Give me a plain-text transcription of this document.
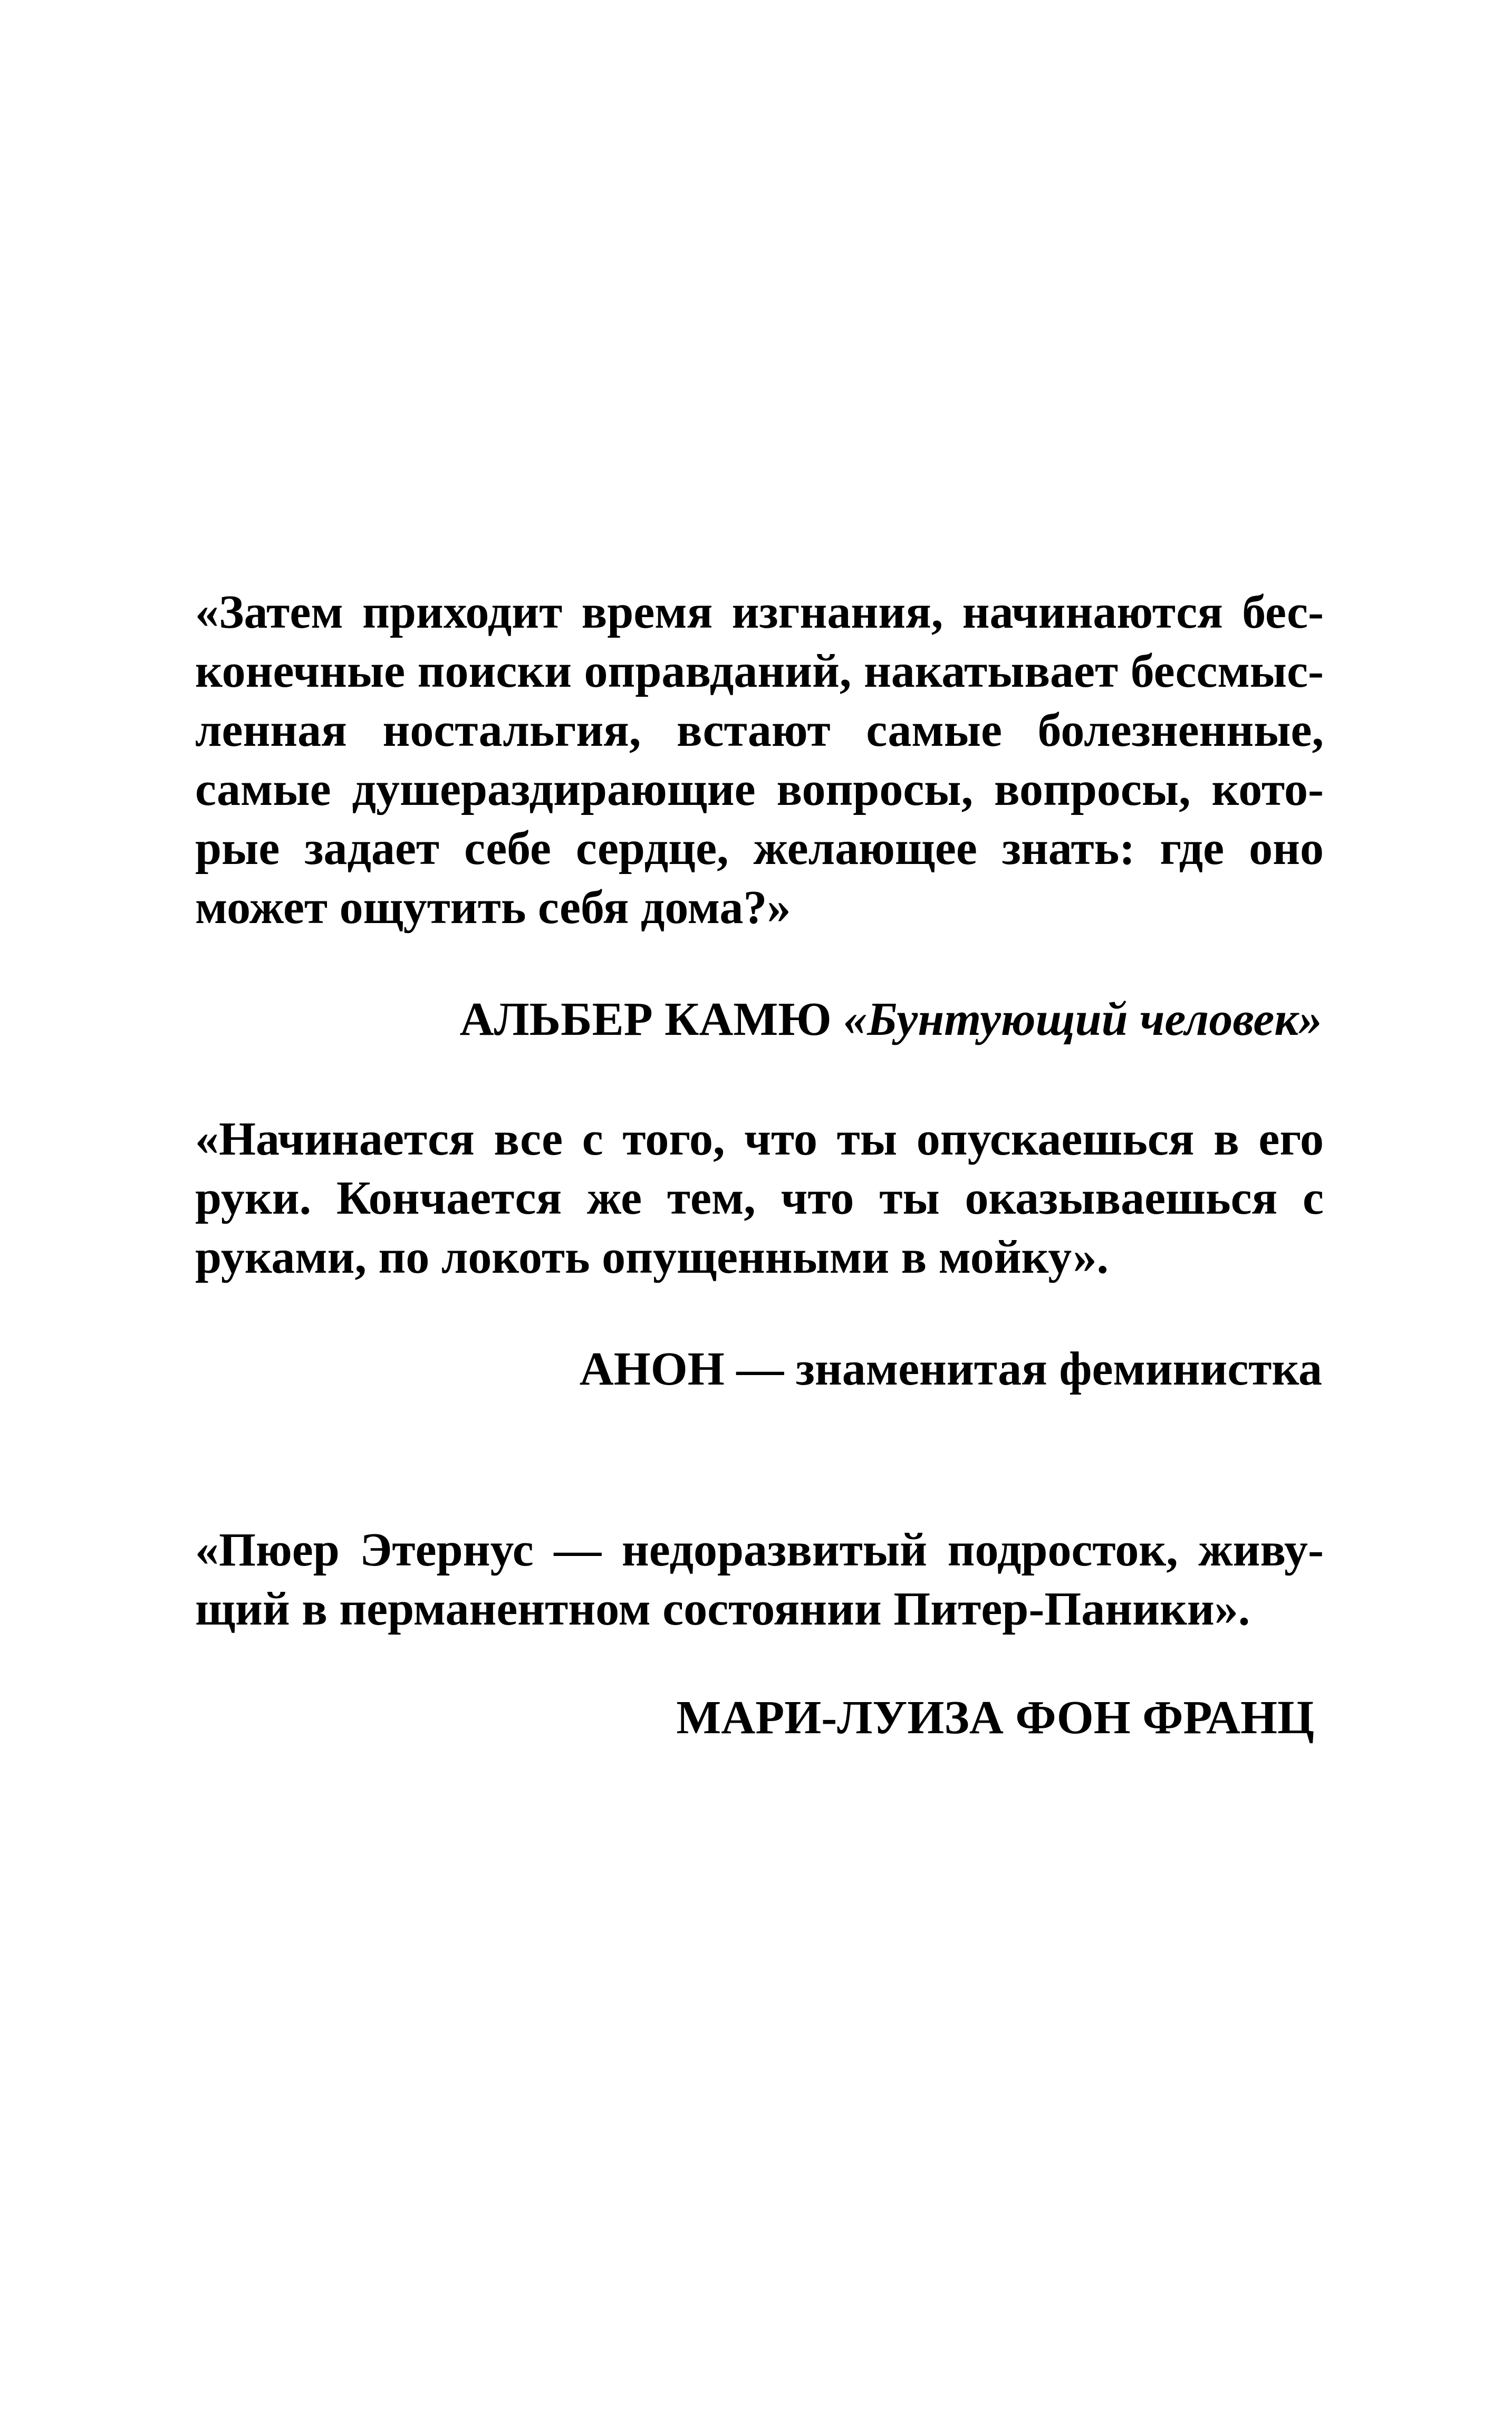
«Затем приходит время изгнания, начинаются бес-
конечные поиски оправданий, накатывает бессмыс-
ленная ностальгия, встают самые болезненные,
самые душераздирающие вопросы, вопросы, кото-
рые задает себе сердце, желающее знать: где оно
может ощутить себя дома?»
АЛЬБЕР КАМЮ «Бунтующий человек»
«Начинается все с того, что ты опускаешься в его
руки. Кончается же тем, что ты оказываешься с
руками, по локоть опущенными в мойку».
АНОН — знаменитая феминистка
«Пюер Этернус — недоразвитый подросток, живу-
щий в перманентном состоянии Питер-Паники».
МАРИ-ЛУИЗА ФОН ФРАНЦ
